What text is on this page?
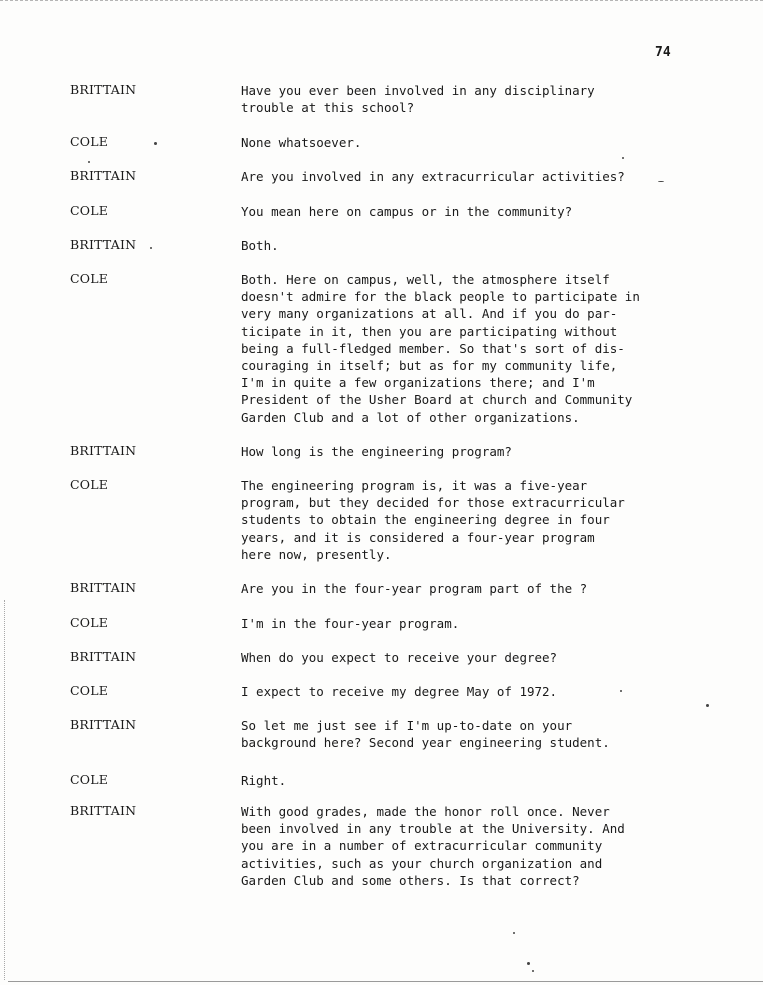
74
BRITTAIN	Have you ever been involved in any disciplinary
trouble at this school?
COLE	None whatsoever.
BRITTAIN	Are you involved in any extracurricular activities?
COLE	You mean here on campus or in the community?
BRITTAIN	Both.
COLE	Both. Here on campus, well, the atmosphere itself
doesn't admire for the black people to participate in
very many organizations at all. And if you do par-
ticipate in it, then you are participating without
being a full-fledged member. So that's sort of dis-
couraging in itself; but as for my community life,
I'm in quite a few organizations there; and I'm
President of the Usher Board at church and Community
Garden Club and a lot of other organizations.
BRITTAIN	How long is the engineering program?
COLE	The engineering program is, it was a five-year
program, but they decided for those extracurricular
students to obtain the engineering degree in four
years, and it is considered a four-year program
here now, presently.
BRITTAIN	Are you in the four-year program part of the ?
COLE	I'm in the four-year program.
BRITTAIN	When do you expect to receive your degree?
COLE	I expect to receive my degree May of 1972.
BRITTAIN	So let me just see if I'm up-to-date on your
background here? Second year engineering student.
COLE	Right.
BRITTAIN	With good grades, made the honor roll once. Never
been involved in any trouble at the University. And
you are in a number of extracurricular community
activities, such as your church organization and
Garden Club and some others. Is that correct?
